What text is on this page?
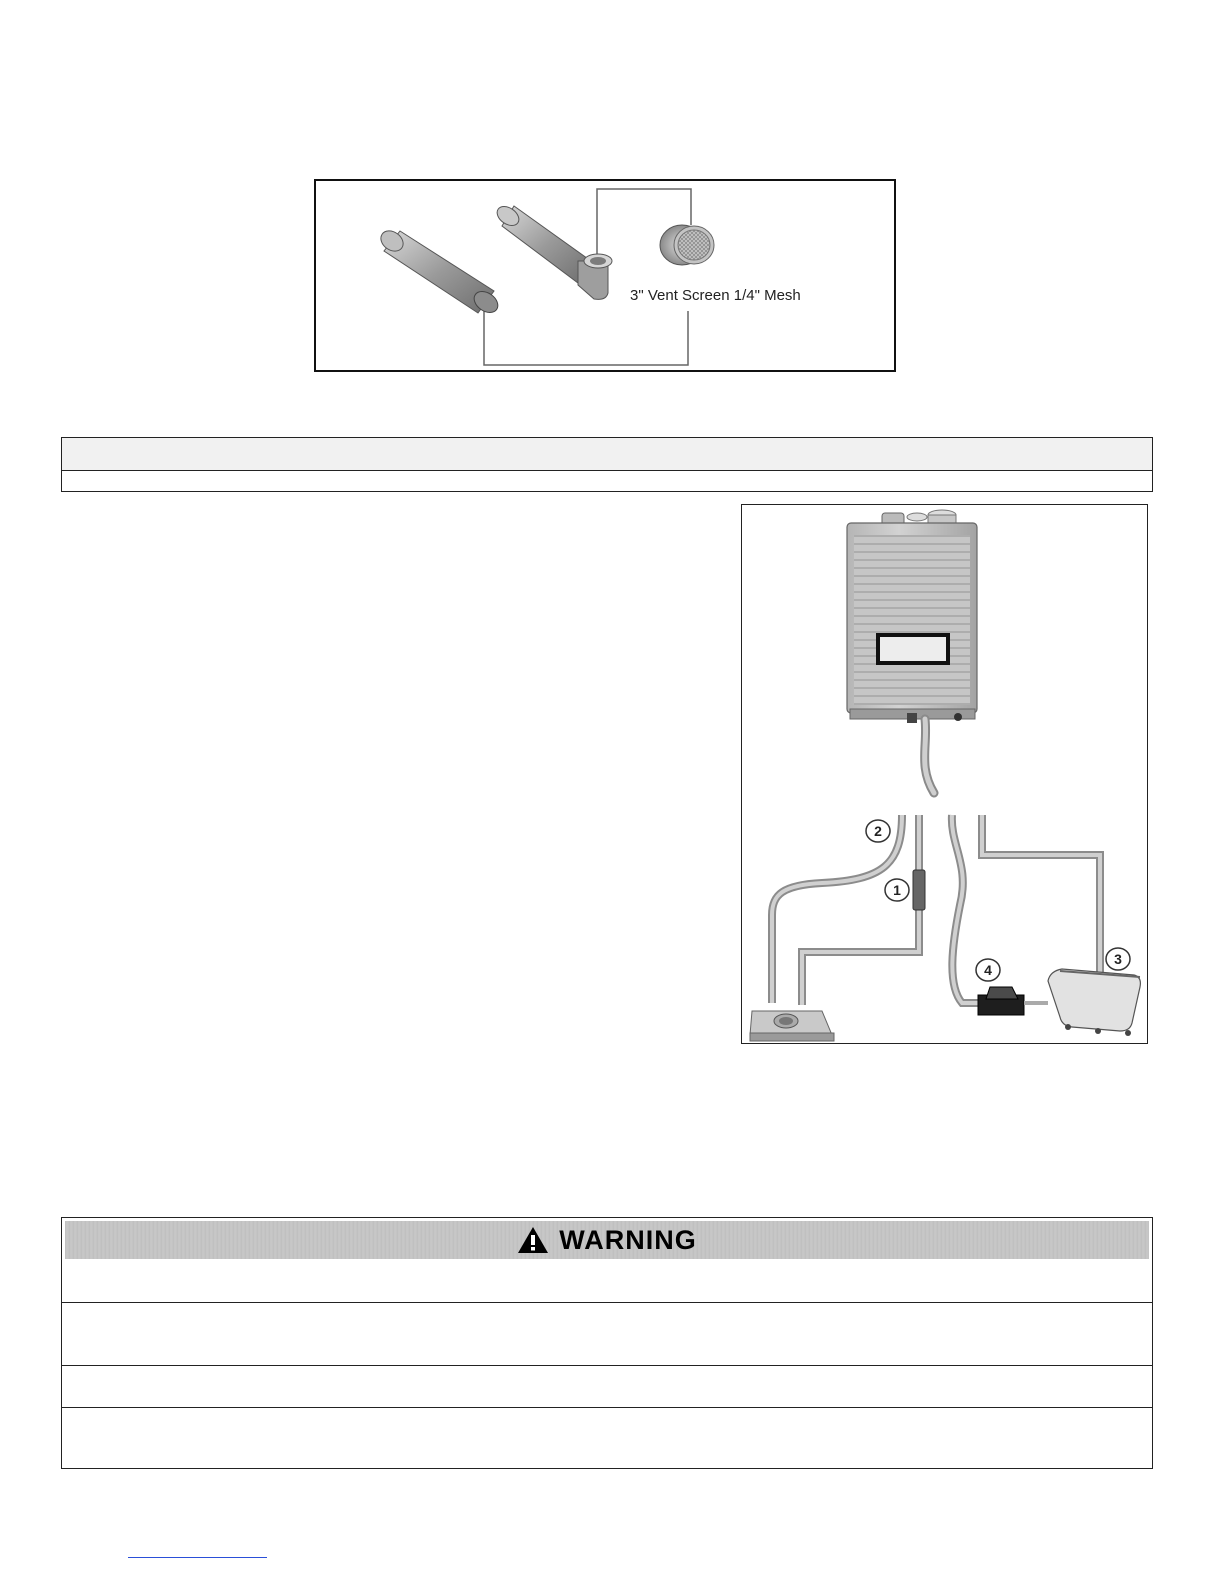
3" Vent Screen 1/4" Mesh
1
2
3
4
WARNING
